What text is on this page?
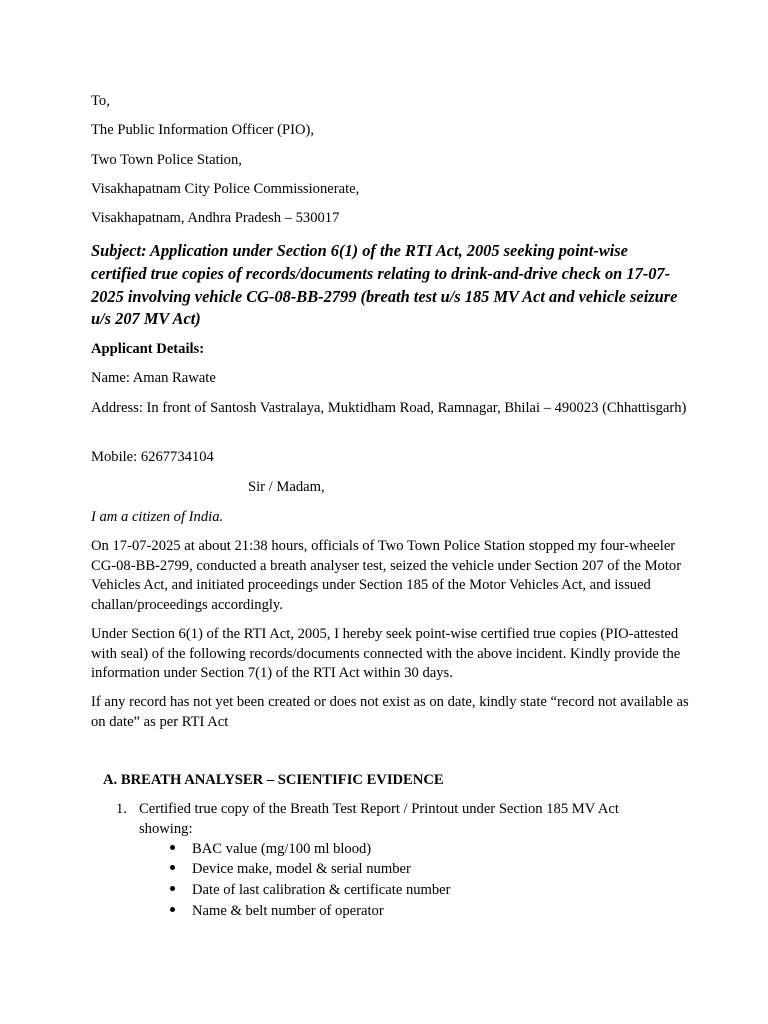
To,
The Public Information Officer (PIO),
Two Town Police Station,
Visakhapatnam City Police Commissionerate,
Visakhapatnam, Andhra Pradesh – 530017
Subject: Application under Section 6(1) of the RTI Act, 2005 seeking point-wise certified true copies of records/documents relating to drink-and-drive check on 17-07-2025 involving vehicle CG-08-BB-2799 (breath test u/s 185 MV Act and vehicle seizure u/s 207 MV Act)
Applicant Details:
Name: Aman Rawate
Address: In front of Santosh Vastralaya, Muktidham Road, Ramnagar, Bhilai – 490023 (Chhattisgarh)
Mobile: 6267734104
Sir / Madam,
I am a citizen of India.
On 17-07-2025 at about 21:38 hours, officials of Two Town Police Station stopped my four-wheeler CG-08-BB-2799, conducted a breath analyser test, seized the vehicle under Section 207 of the Motor Vehicles Act, and initiated proceedings under Section 185 of the Motor Vehicles Act, and issued challan/proceedings accordingly.
Under Section 6(1) of the RTI Act, 2005, I hereby seek point-wise certified true copies (PIO-attested with seal) of the following records/documents connected with the above incident. Kindly provide the information under Section 7(1) of the RTI Act within 30 days.
If any record has not yet been created or does not exist as on date, kindly state “record not available as on date” as per RTI Act
A. BREATH ANALYSER – SCIENTIFIC EVIDENCE
1. Certified true copy of the Breath Test Report / Printout under Section 185 MV Act showing:
BAC value (mg/100 ml blood)
Device make, model & serial number
Date of last calibration & certificate number
Name & belt number of operator
